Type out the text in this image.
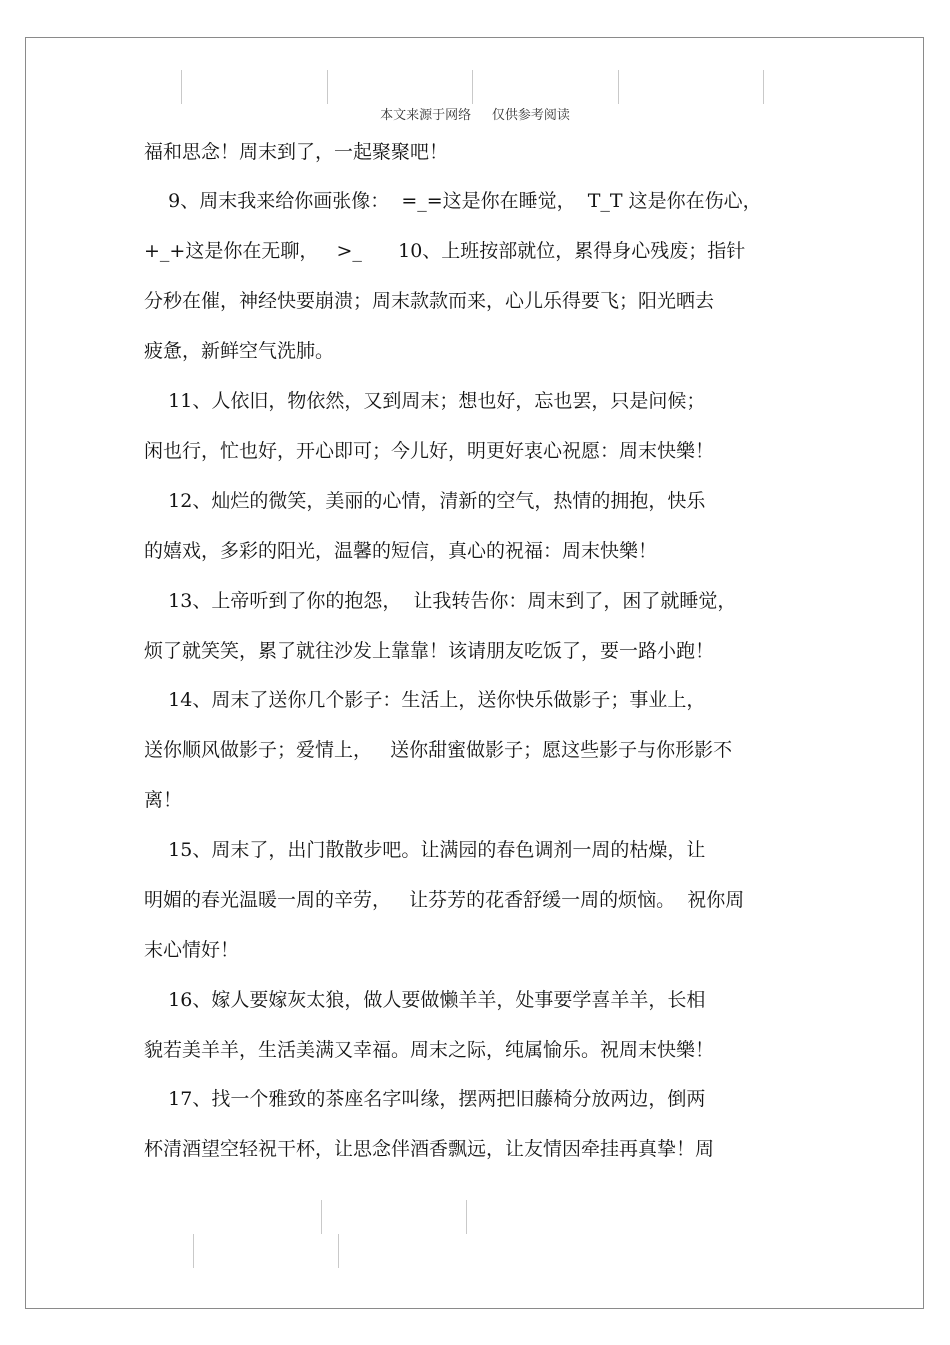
本文来源于网络     仅供参考阅读
福和思念！周末到了，一起聚聚吧！
9、周末我来给你画张像：  =_=这是你在睡觉，  T_T 这是你在伤心，
+_+这是你在无聊，   >_      10、上班按部就位，累得身心残废；指针
分秒在催，神经快要崩溃；周末款款而来，心儿乐得要飞；阳光晒去
疲惫，新鲜空气洗肺。
11、人依旧，物依然，又到周末；想也好，忘也罢，只是问候；
闲也行，忙也好，开心即可；今儿好，明更好衷心祝愿：周末快樂！
12、灿烂的微笑，美丽的心情，清新的空气，热情的拥抱，快乐
的嬉戏，多彩的阳光，温馨的短信，真心的祝福：周末快樂！
13、上帝听到了你的抱怨，  让我转告你：周末到了，困了就睡觉，
烦了就笑笑，累了就往沙发上靠靠！该请朋友吃饭了，要一路小跑！
14、周末了送你几个影子：生活上，送你快乐做影子；事业上，
送你顺风做影子；爱情上，   送你甜蜜做影子；愿这些影子与你形影不
离！
15、周末了，出门散散步吧。让满园的春色调剂一周的枯燥，让
明媚的春光温暖一周的辛劳，   让芬芳的花香舒缓一周的烦恼。  祝你周
末心情好！
16、嫁人要嫁灰太狼，做人要做懒羊羊，处事要学喜羊羊，长相
貌若美羊羊，生活美满又幸福。周末之际，纯属愉乐。祝周末快樂！
17、找一个雅致的茶座名字叫缘，摆两把旧藤椅分放两边，倒两
杯清酒望空轻祝干杯，让思念伴酒香飘远，让友情因牵挂再真挚！周
